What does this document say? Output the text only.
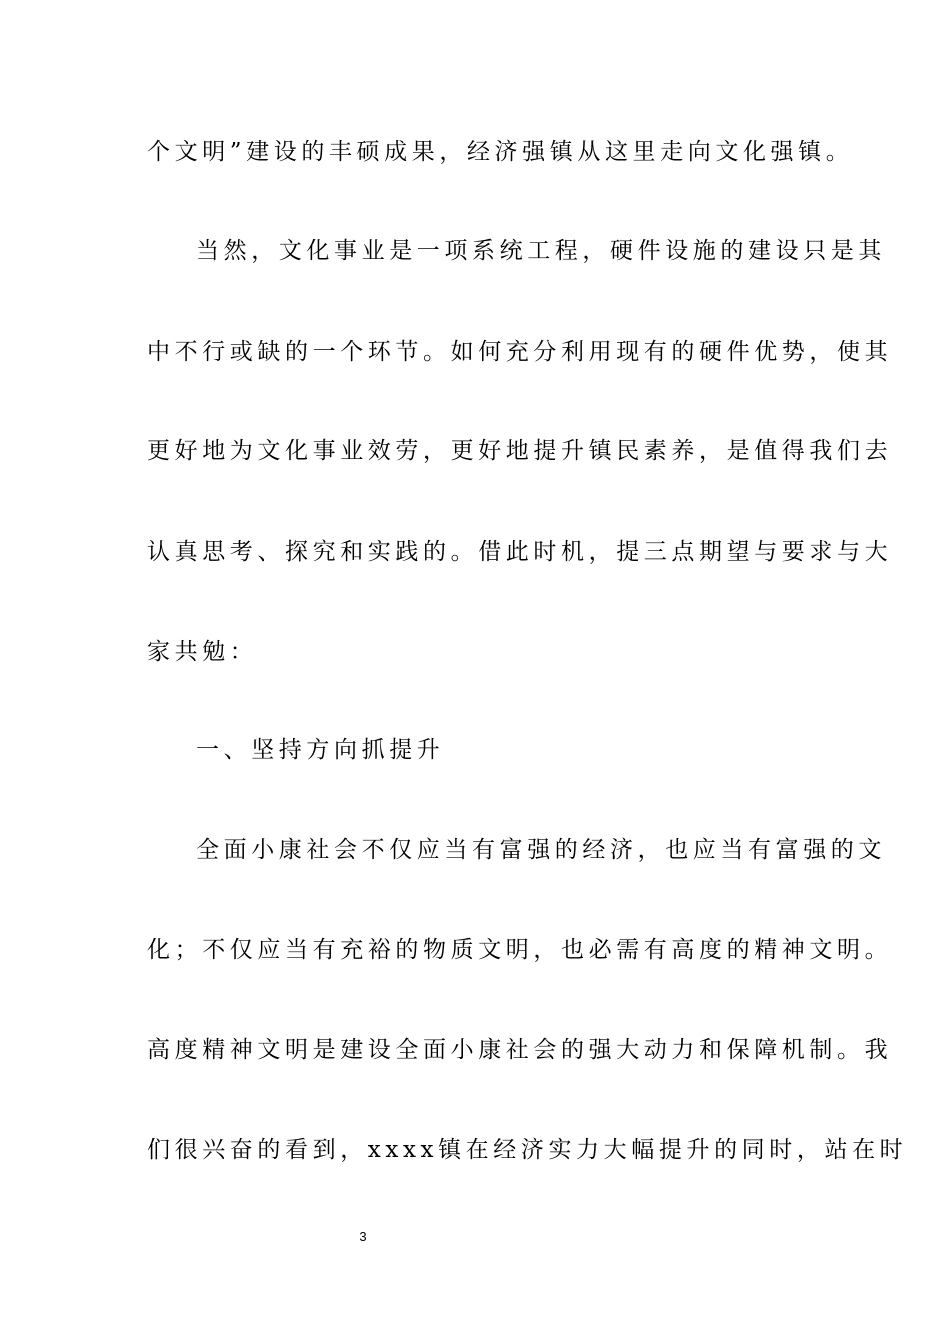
个文明”建设的丰硕成果，经济强镇从这里走向文化强镇。
当然，文化事业是一项系统工程，硬件设施的建设只是其
中不行或缺的一个环节。如何充分利用现有的硬件优势，使其
更好地为文化事业效劳，更好地提升镇民素养，是值得我们去
认真思考、探究和实践的。借此时机，提三点期望与要求与大
家共勉：
一、坚持方向抓提升
全面小康社会不仅应当有富强的经济，也应当有富强的文
化；不仅应当有充裕的物质文明，也必需有高度的精神文明。
高度精神文明是建设全面小康社会的强大动力和保障机制。我
们很兴奋的看到，xxxx镇在经济实力大幅提升的同时，站在时
3
